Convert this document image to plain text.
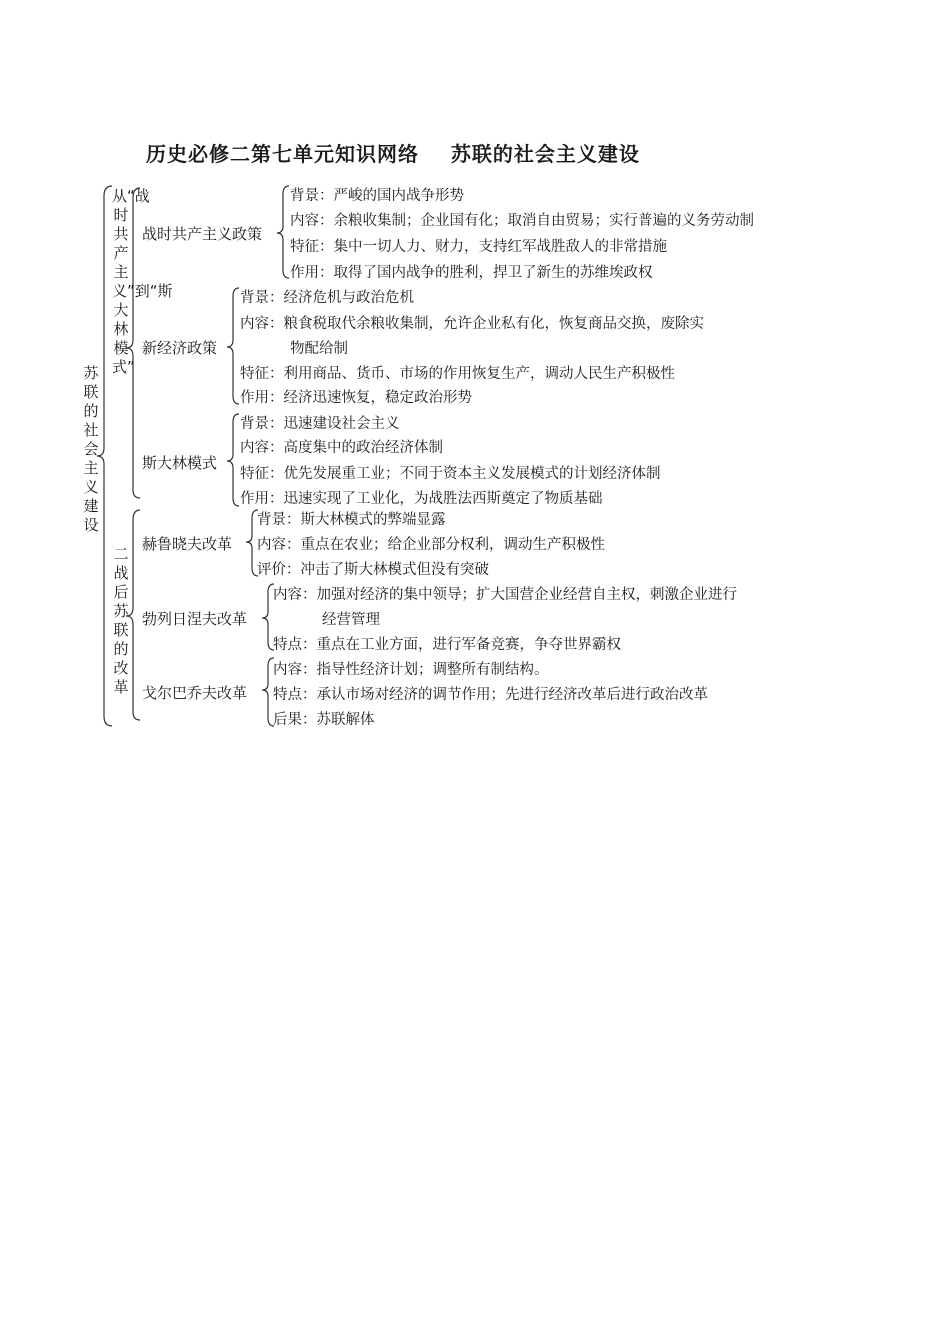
历史必修二第七单元知识网络    苏联的社会主义建设
苏联的社会主义建设
从“战时共产主义”到“斯大林模式”
二战后苏联的改革
战时共产主义政策
新经济政策
斯大林模式
赫鲁晓夫改革
勃列日涅夫改革
戈尔巴乔夫改革
背景：严峻的国内战争形势
内容：余粮收集制；企业国有化；取消自由贸易；实行普遍的义务劳动制
特征：集中一切人力、财力，支持红军战胜敌人的非常措施
作用：取得了国内战争的胜利，捍卫了新生的苏维埃政权
背景：经济危机与政治危机
内容：粮食税取代余粮收集制，允许企业私有化，恢复商品交换，废除实
物配给制
特征：利用商品、货币、市场的作用恢复生产，调动人民生产积极性
作用：经济迅速恢复，稳定政治形势
背景：迅速建设社会主义
内容：高度集中的政治经济体制
特征：优先发展重工业；不同于资本主义发展模式的计划经济体制
作用：迅速实现了工业化，为战胜法西斯奠定了物质基础
背景：斯大林模式的弊端显露
内容：重点在农业；给企业部分权利，调动生产积极性
评价：冲击了斯大林模式但没有突破
内容：加强对经济的集中领导；扩大国营企业经营自主权，刺激企业进行
经营管理
特点：重点在工业方面，进行军备竞赛，争夺世界霸权
内容：指导性经济计划；调整所有制结构。
特点：承认市场对经济的调节作用；先进行经济改革后进行政治改革
后果：苏联解体
